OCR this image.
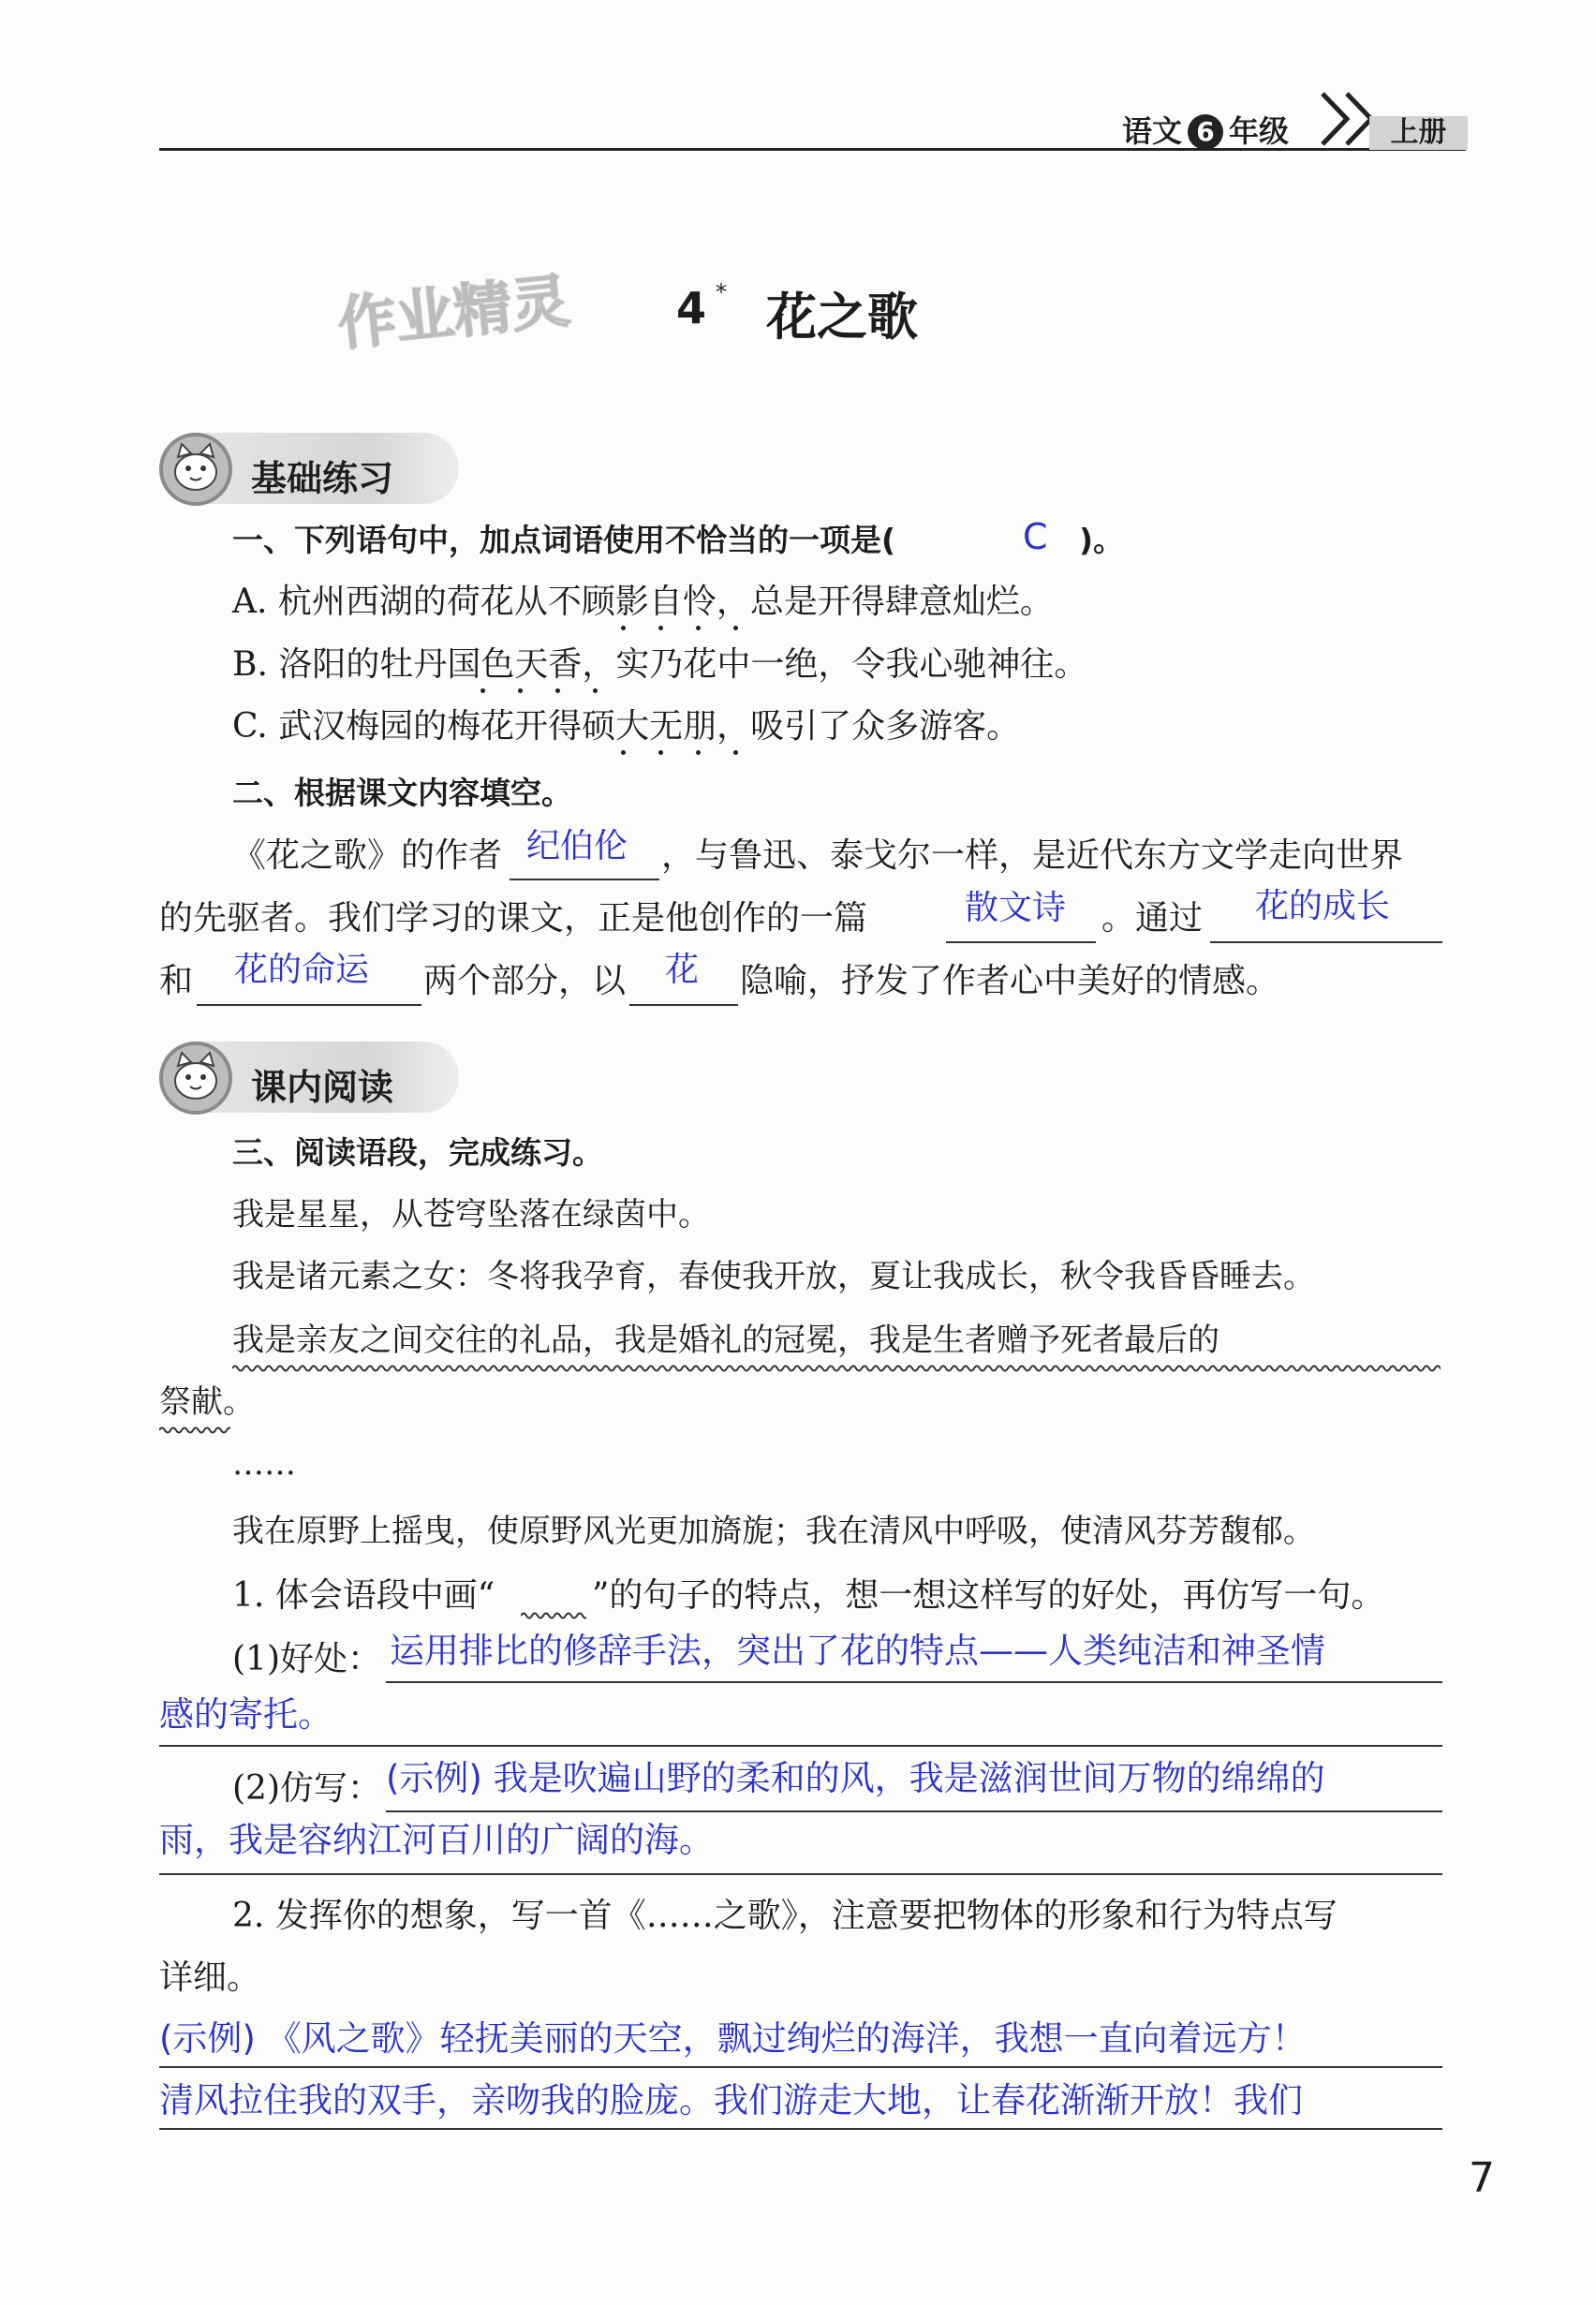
语文 6 年级	上册
作业精灵 4 * 花之歌
基础练习
一、下列语句中，加点词语使用不恰当的一项是(	C )。
A. 杭州西湖的荷花从不顾影自怜，总是开得肆意灿烂。
B. 洛阳的牡丹国色天香，实乃花中一绝，令我心驰神往。
C. 武汉梅园的梅花开得硕大无朋，吸引了众多游客。
二、根据课文内容填空。
《花之歌》的作者 纪伯伦 ，与鲁迅、泰戈尔一样，是近代东方文学走向世界
的先驱者。我们学习的课文，正是他创作的一篇	散文诗 。通过 花的成长
和 花的命运 两个部分，以 花 隐喻，抒发了作者心中美好的情感。
课内阅读
三、阅读语段，完成练习。
我是星星，从苍穹坠落在绿茵中。
我是诸元素之女：冬将我孕育，春使我开放，夏让我成长，秋令我昏昏睡去。
我是亲友之间交往的礼品，我是婚礼的冠冕，我是生者赠予死者最后的
祭献。
……
我在原野上摇曳，使原野风光更加旖旎；我在清风中呼吸，使清风芬芳馥郁。
1. 体会语段中画“	”的句子的特点，想一想这样写的好处，再仿写一句。
(1)好处： 运用排比的修辞手法，突出了花的特点——人类纯洁和神圣情
感的寄托。
(2)仿写： (示例) 我是吹遍山野的柔和的风，我是滋润世间万物的绵绵的
雨，我是容纳江河百川的广阔的海。
2. 发挥你的想象，写一首《……之歌》，注意要把物体的形象和行为特点写
详细。
(示例) 《风之歌》轻抚美丽的天空，飘过绚烂的海洋，我想一直向着远方！
清风拉住我的双手，亲吻我的脸庞。我们游走大地，让春花渐渐开放！我们
7
